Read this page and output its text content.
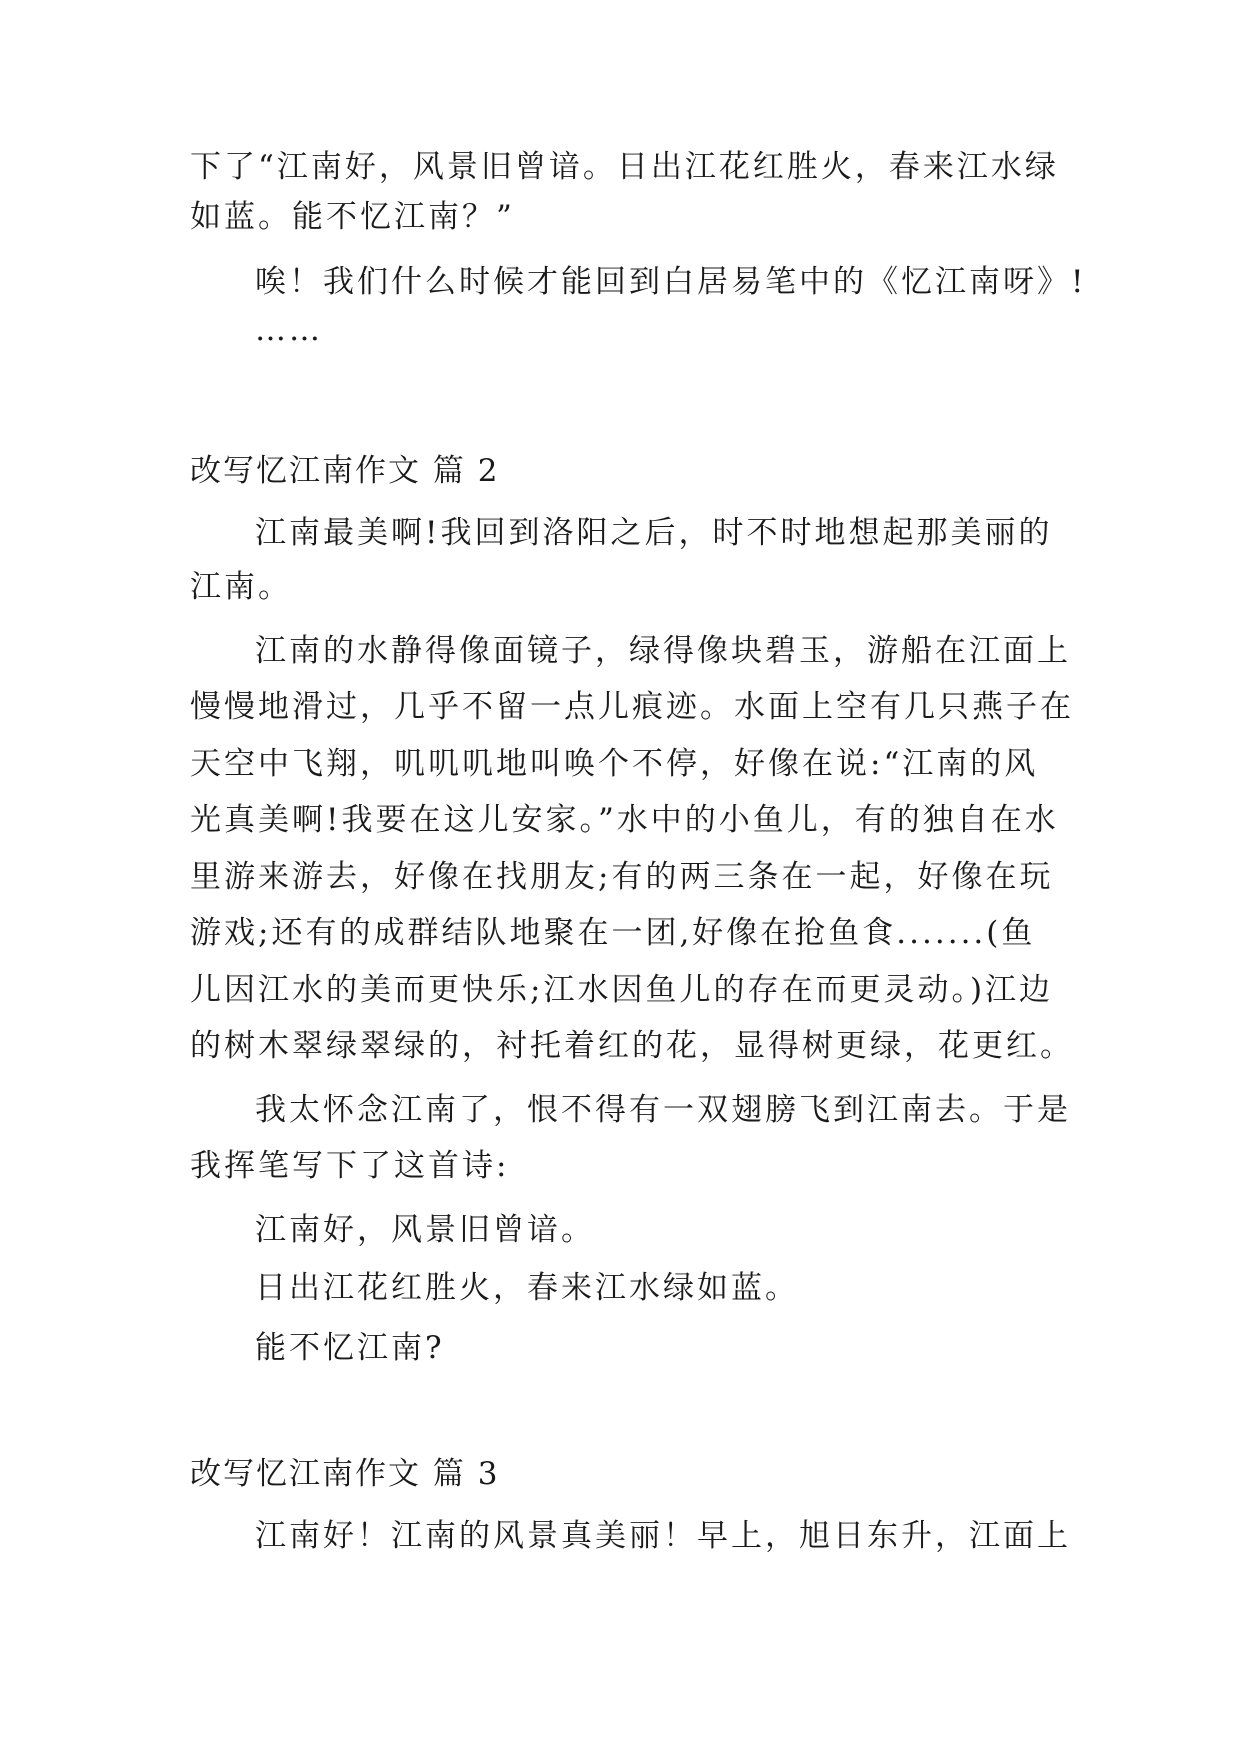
下了“江南好，风景旧曾谙。日出江花红胜火，春来江水绿
如蓝。能不忆江南？”
唉！我们什么时候才能回到白居易笔中的《忆江南呀》!
……
改写忆江南作文 篇 2
江南最美啊!我回到洛阳之后，时不时地想起那美丽的
江南。
江南的水静得像面镜子，绿得像块碧玉，游船在江面上
慢慢地滑过，几乎不留一点儿痕迹。水面上空有几只燕子在
天空中飞翔，叽叽叽地叫唤个不停，好像在说:“江南的风
光真美啊!我要在这儿安家。”水中的小鱼儿，有的独自在水
里游来游去，好像在找朋友;有的两三条在一起，好像在玩
游戏;还有的成群结队地聚在一团,好像在抢鱼食.......(鱼
儿因江水的美而更快乐;江水因鱼儿的存在而更灵动。)江边
的树木翠绿翠绿的，衬托着红的花，显得树更绿，花更红。
我太怀念江南了，恨不得有一双翅膀飞到江南去。于是
我挥笔写下了这首诗:
江南好，风景旧曾谙。
日出江花红胜火，春来江水绿如蓝。
能不忆江南?
改写忆江南作文 篇 3
江南好！江南的风景真美丽！早上，旭日东升，江面上
